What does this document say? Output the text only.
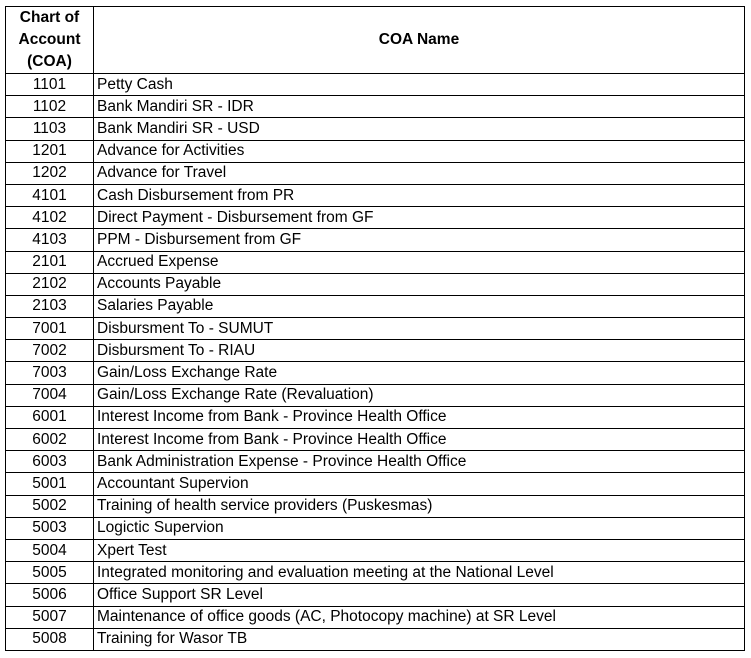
Chart of
Account
(COA)	COA Name
1101	Petty Cash
1102	Bank Mandiri SR - IDR
1103	Bank Mandiri SR - USD
1201	Advance for Activities
1202	Advance for Travel
4101	Cash Disbursement from PR
4102	Direct Payment - Disbursement from GF
4103	PPM - Disbursement from GF
2101	Accrued Expense
2102	Accounts Payable
2103	Salaries Payable
7001	Disbursment To - SUMUT
7002	Disbursment To - RIAU
7003	Gain/Loss Exchange Rate
7004	Gain/Loss Exchange Rate (Revaluation)
6001	Interest Income from Bank - Province Health Office
6002	Interest Income from Bank - Province Health Office
6003	Bank Administration Expense - Province Health Office
5001	Accountant Supervion
5002	Training of health service providers (Puskesmas)
5003	Logictic Supervion
5004	Xpert Test
5005	Integrated monitoring and evaluation meeting at the National Level
5006	Office Support SR Level
5007	Maintenance of office goods (AC, Photocopy machine) at SR Level
5008	Training for Wasor TB
